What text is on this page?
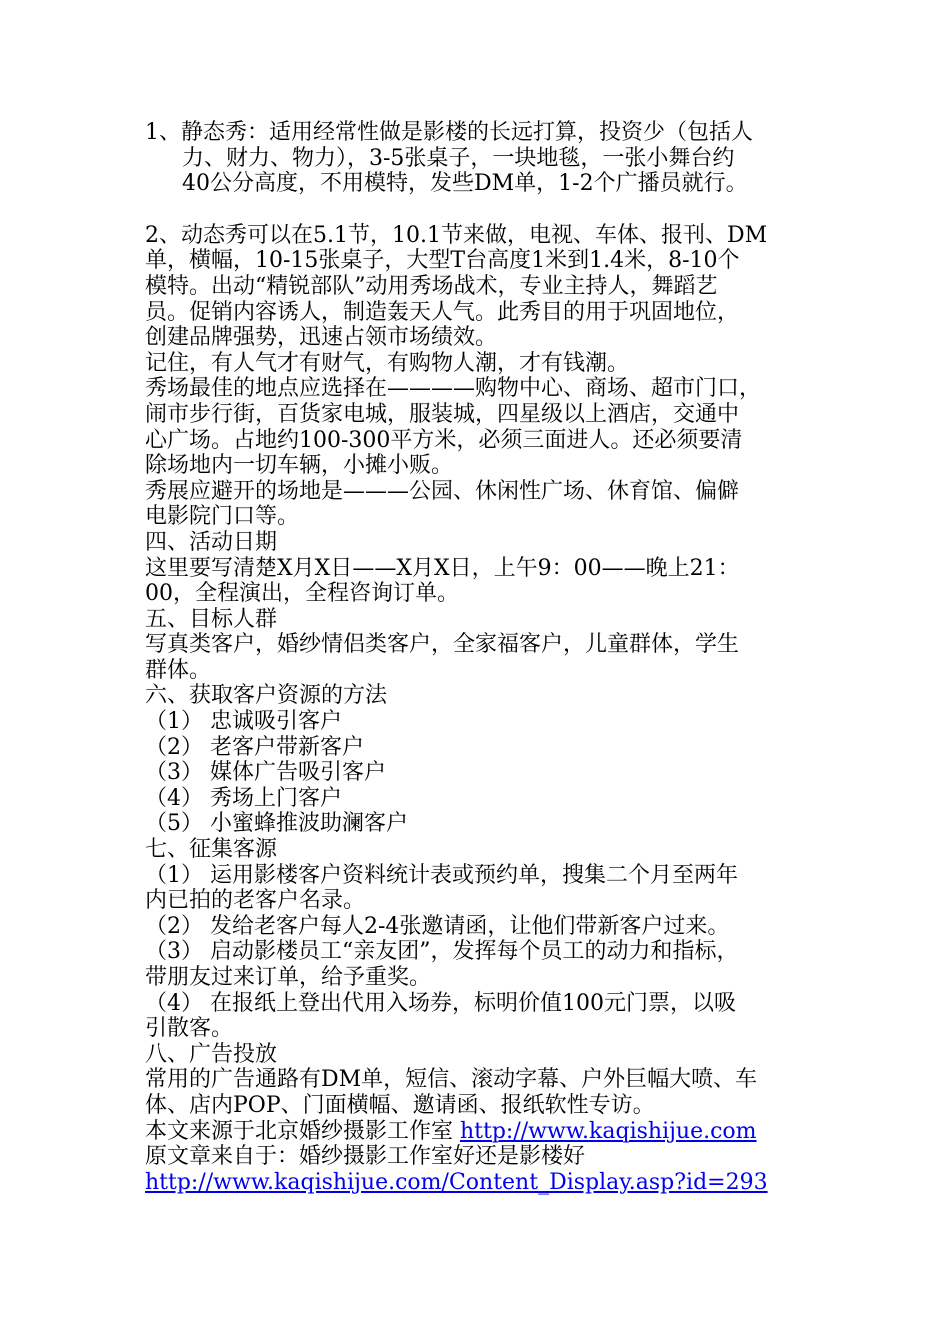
1、静态秀：适用经常性做是影楼的长远打算，投资少（包括人
力、财力、物力），3-5张桌子，一块地毯，一张小舞台约
40公分高度，不用模特，发些DM单，1-2个广播员就行。
2、动态秀可以在5.1节，10.1节来做，电视、车体、报刊、DM
单，横幅，10-15张桌子，大型T台高度1米到1.4米，8-10个
模特。出动“精锐部队”动用秀场战术，专业主持人，舞蹈艺
员。促销内容诱人，制造轰天人气。此秀目的用于巩固地位，
创建品牌强势，迅速占领市场绩效。
记住，有人气才有财气，有购物人潮，才有钱潮。
秀场最佳的地点应选择在————购物中心、商场、超市门口，
闹市步行街，百货家电城，服装城，四星级以上酒店，交通中
心广场。占地约100-300平方米，必须三面进人。还必须要清
除场地内一切车辆，小摊小贩。
秀展应避开的场地是———公园、休闲性广场、休育馆、偏僻
电影院门口等。
四、活动日期
这里要写清楚X月X日——X月X日，上午9：00——晚上21：
00，全程演出，全程咨询订单。
五、目标人群
写真类客户，婚纱情侣类客户，全家福客户，儿童群体，学生
群体。
六、获取客户资源的方法
（1） 忠诚吸引客户
（2） 老客户带新客户
（3） 媒体广告吸引客户
（4） 秀场上门客户
（5） 小蜜蜂推波助澜客户
七、征集客源
（1） 运用影楼客户资料统计表或预约单，搜集二个月至两年
内已拍的老客户名录。
（2） 发给老客户每人2-4张邀请函，让他们带新客户过来。
（3） 启动影楼员工“亲友团”，发挥每个员工的动力和指标，
带朋友过来订单，给予重奖。
（4） 在报纸上登出代用入场券，标明价值100元门票，以吸
引散客。
八、广告投放
常用的广告通路有DM单，短信、滚动字幕、户外巨幅大喷、车
体、店内POP、门面横幅、邀请函、报纸软性专访。
本文来源于北京婚纱摄影工作室 http://www.kaqishijue.com
原文章来自于：婚纱摄影工作室好还是影楼好
http://www.kaqishijue.com/Content_Display.asp?id=293
